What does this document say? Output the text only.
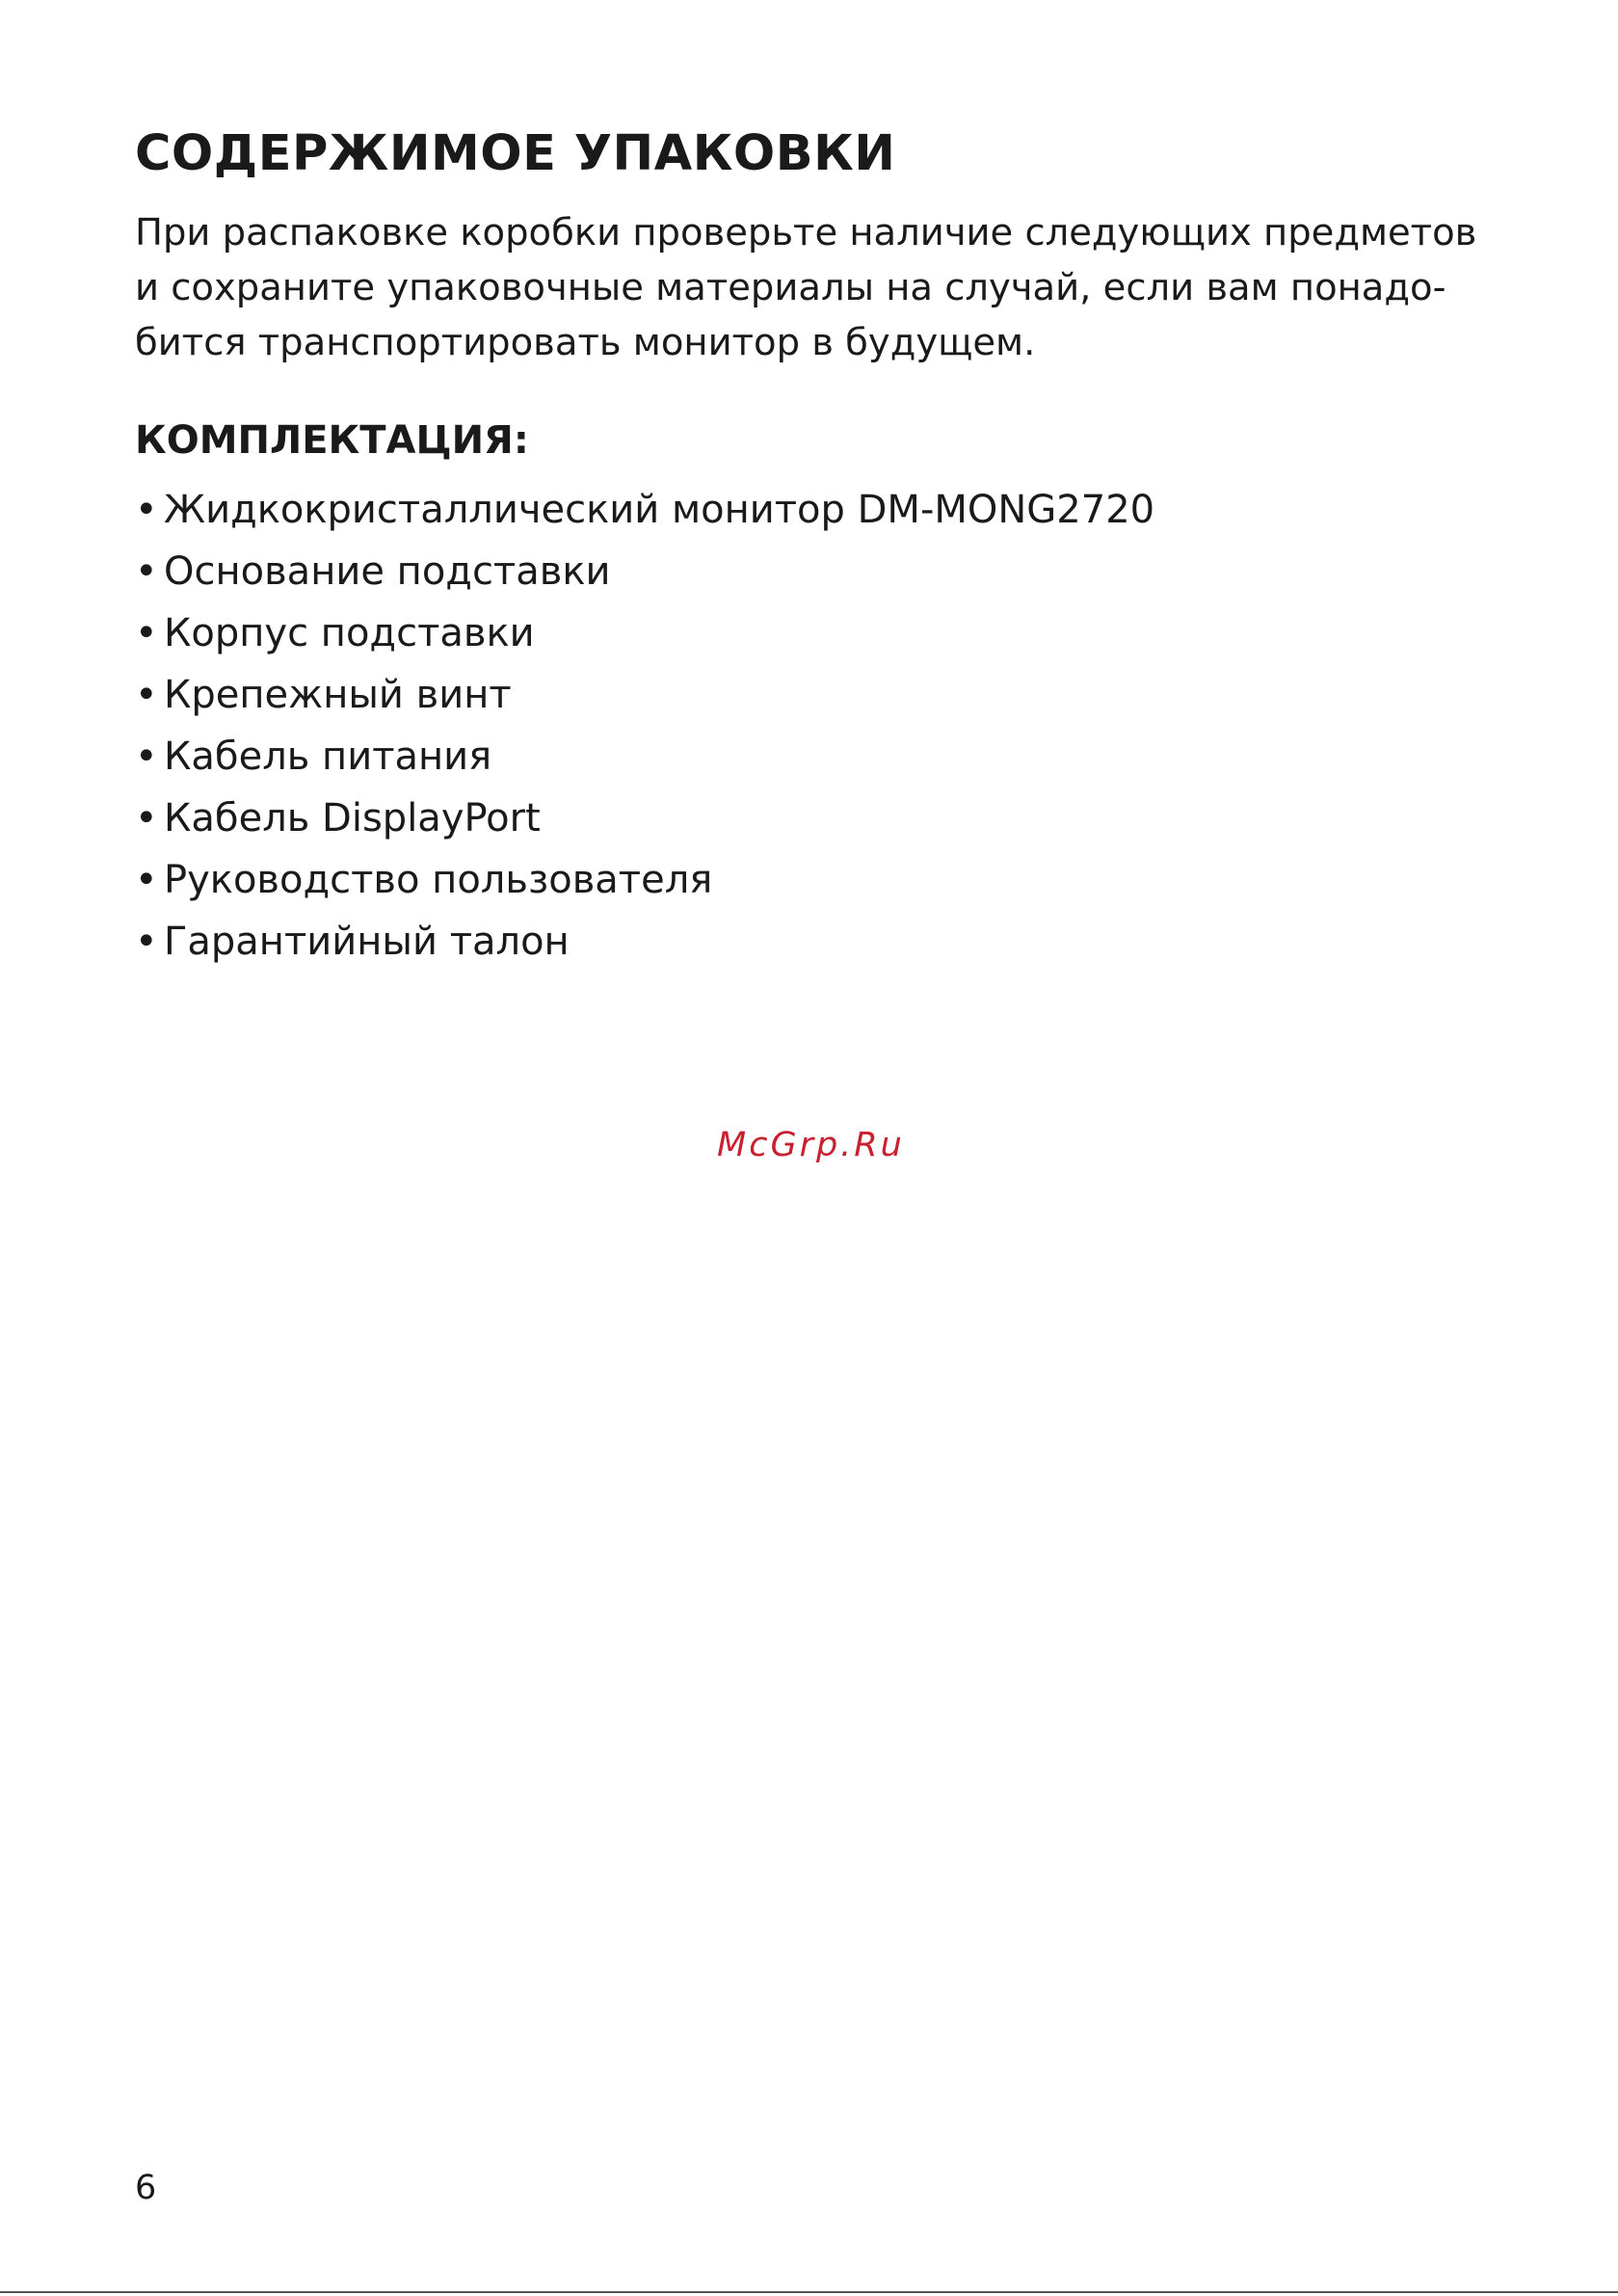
СОДЕРЖИМОЕ УПАКОВКИ

При распаковке коробки проверьте наличие следующих предметов
и сохраните упаковочные материалы на случай, если вам понадо-
бится транспортировать монитор в будущем.

КОМПЛЕКТАЦИЯ:
• Жидкокристаллический монитор DM-MONG2720
• Основание подставки
• Корпус подставки
• Крепежный винт
• Кабель питания
• Кабель DisplayPort
• Руководство пользователя
• Гарантийный талон
McGrp.Ru
6
